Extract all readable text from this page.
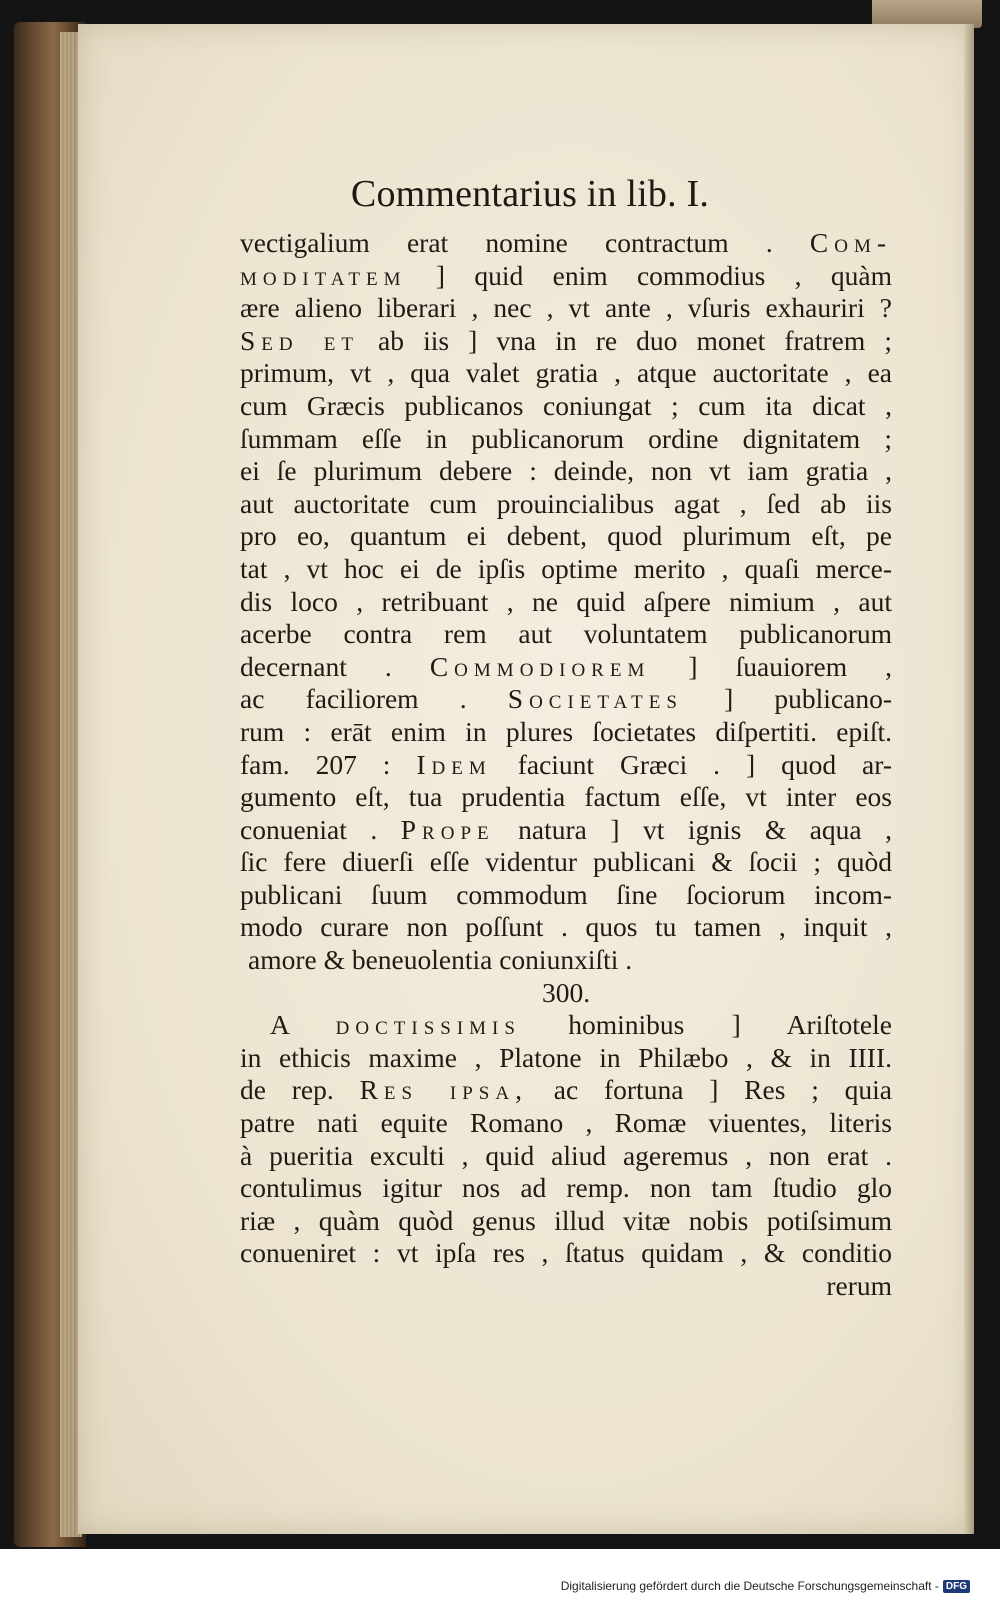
Commentarius in lib. I.
vectigalium erat nomine contractum . Com-
moditatem ] quid enim commodius , quàm
ære alieno liberari , nec , vt ante , vſuris exhauriri ?
Sed et ab iis ] vna in re duo monet fratrem ;
primum, vt , qua valet gratia , atque auctoritate , ea
cum Græcis publicanos coniungat ; cum ita dicat ,
ſummam eſſe in publicanorum ordine dignitatem ;
ei ſe plurimum debere : deinde, non vt iam gratia ,
aut auctoritate cum prouincialibus agat , ſed ab iis
pro eo, quantum ei debent, quod plurimum eſt, pe
tat , vt hoc ei de ipſis optime merito , quaſi merce-
dis loco , retribuant , ne quid aſpere nimium , aut
acerbe contra rem aut voluntatem publicanorum
decernant . Commodiorem ] ſuauiorem ,
ac faciliorem . Societates ] publicano-
rum : erāt enim in plures ſocietates diſpertiti. epiſt.
fam. 207 : Idem faciunt Græci . ] quod ar-
gumento eſt, tua prudentia factum eſſe, vt inter eos
conueniat . Prope natura ] vt ignis & aqua ,
ſic fere diuerſi eſſe videntur publicani & ſocii ; quòd
publicani ſuum commodum ſine ſociorum incom-
modo curare non poſſunt . quos tu tamen , inquit ,
amore & beneuolentia coniunxiſti .
300.
A doctissimis hominibus ] Ariſtotele
in ethicis maxime , Platone in Philæbo , & in IIII.
de rep. Res ipsa, ac fortuna ] Res ; quia
patre nati equite Romano , Romæ viuentes, literis
à pueritia exculti , quid aliud ageremus , non erat .
contulimus igitur nos ad remp. non tam ſtudio glo
riæ , quàm quòd genus illud vitæ nobis potiſsimum
conueniret : vt ipſa res , ſtatus quidam , & conditio
rerum
Digitalisierung gefördert durch die Deutsche Forschungsgemeinschaft - DFG
